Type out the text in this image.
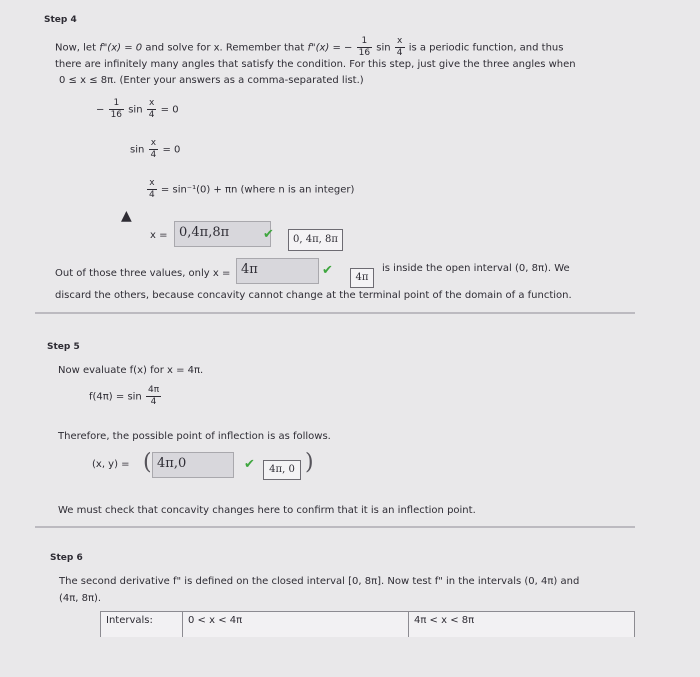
Step 4
Now, let f"(x) = 0 and solve for x. Remember that f"(x) = − $\frac{1}{16}$ $\sin \frac{x}{4}$ is a periodic function, and thus
there are infinitely many angles that satisfy the condition. For this step, just give the three angles when
0 ≤ x ≤ 8π. (Enter your answers as a comma-separated list.)
− $\frac{1}{16}$ $\sin \frac{x}{4} = 0$
$\sin \frac{x}{4} = 0$
$\frac{x}{4} = \sin^{-1}(0) + \pi n$ (where n is an integer)
▲
x = 0,4π,8π	✔	0, 4π, 8π
Out of those three values, only x = 4π	✔	4π
is inside the open interval (0, 8π). We
discard the others, because concavity cannot change at the terminal point of the domain of a function.
Step 5
Now evaluate f(x) for x = 4π.
$f(4\pi) = \sin \frac{4\pi}{4}$
Therefore, the possible point of inflection is as follows.
(x, y) = ( 4π,0	✔	4π, 0 )
We must check that concavity changes here to confirm that it is an inflection point.
Step 6
The second derivative f" is defined on the closed interval [0, 8π]. Now test f" in the intervals (0, 4π) and
(4π, 8π).
Intervals:	0 < x < 4π	4π < x < 8π
